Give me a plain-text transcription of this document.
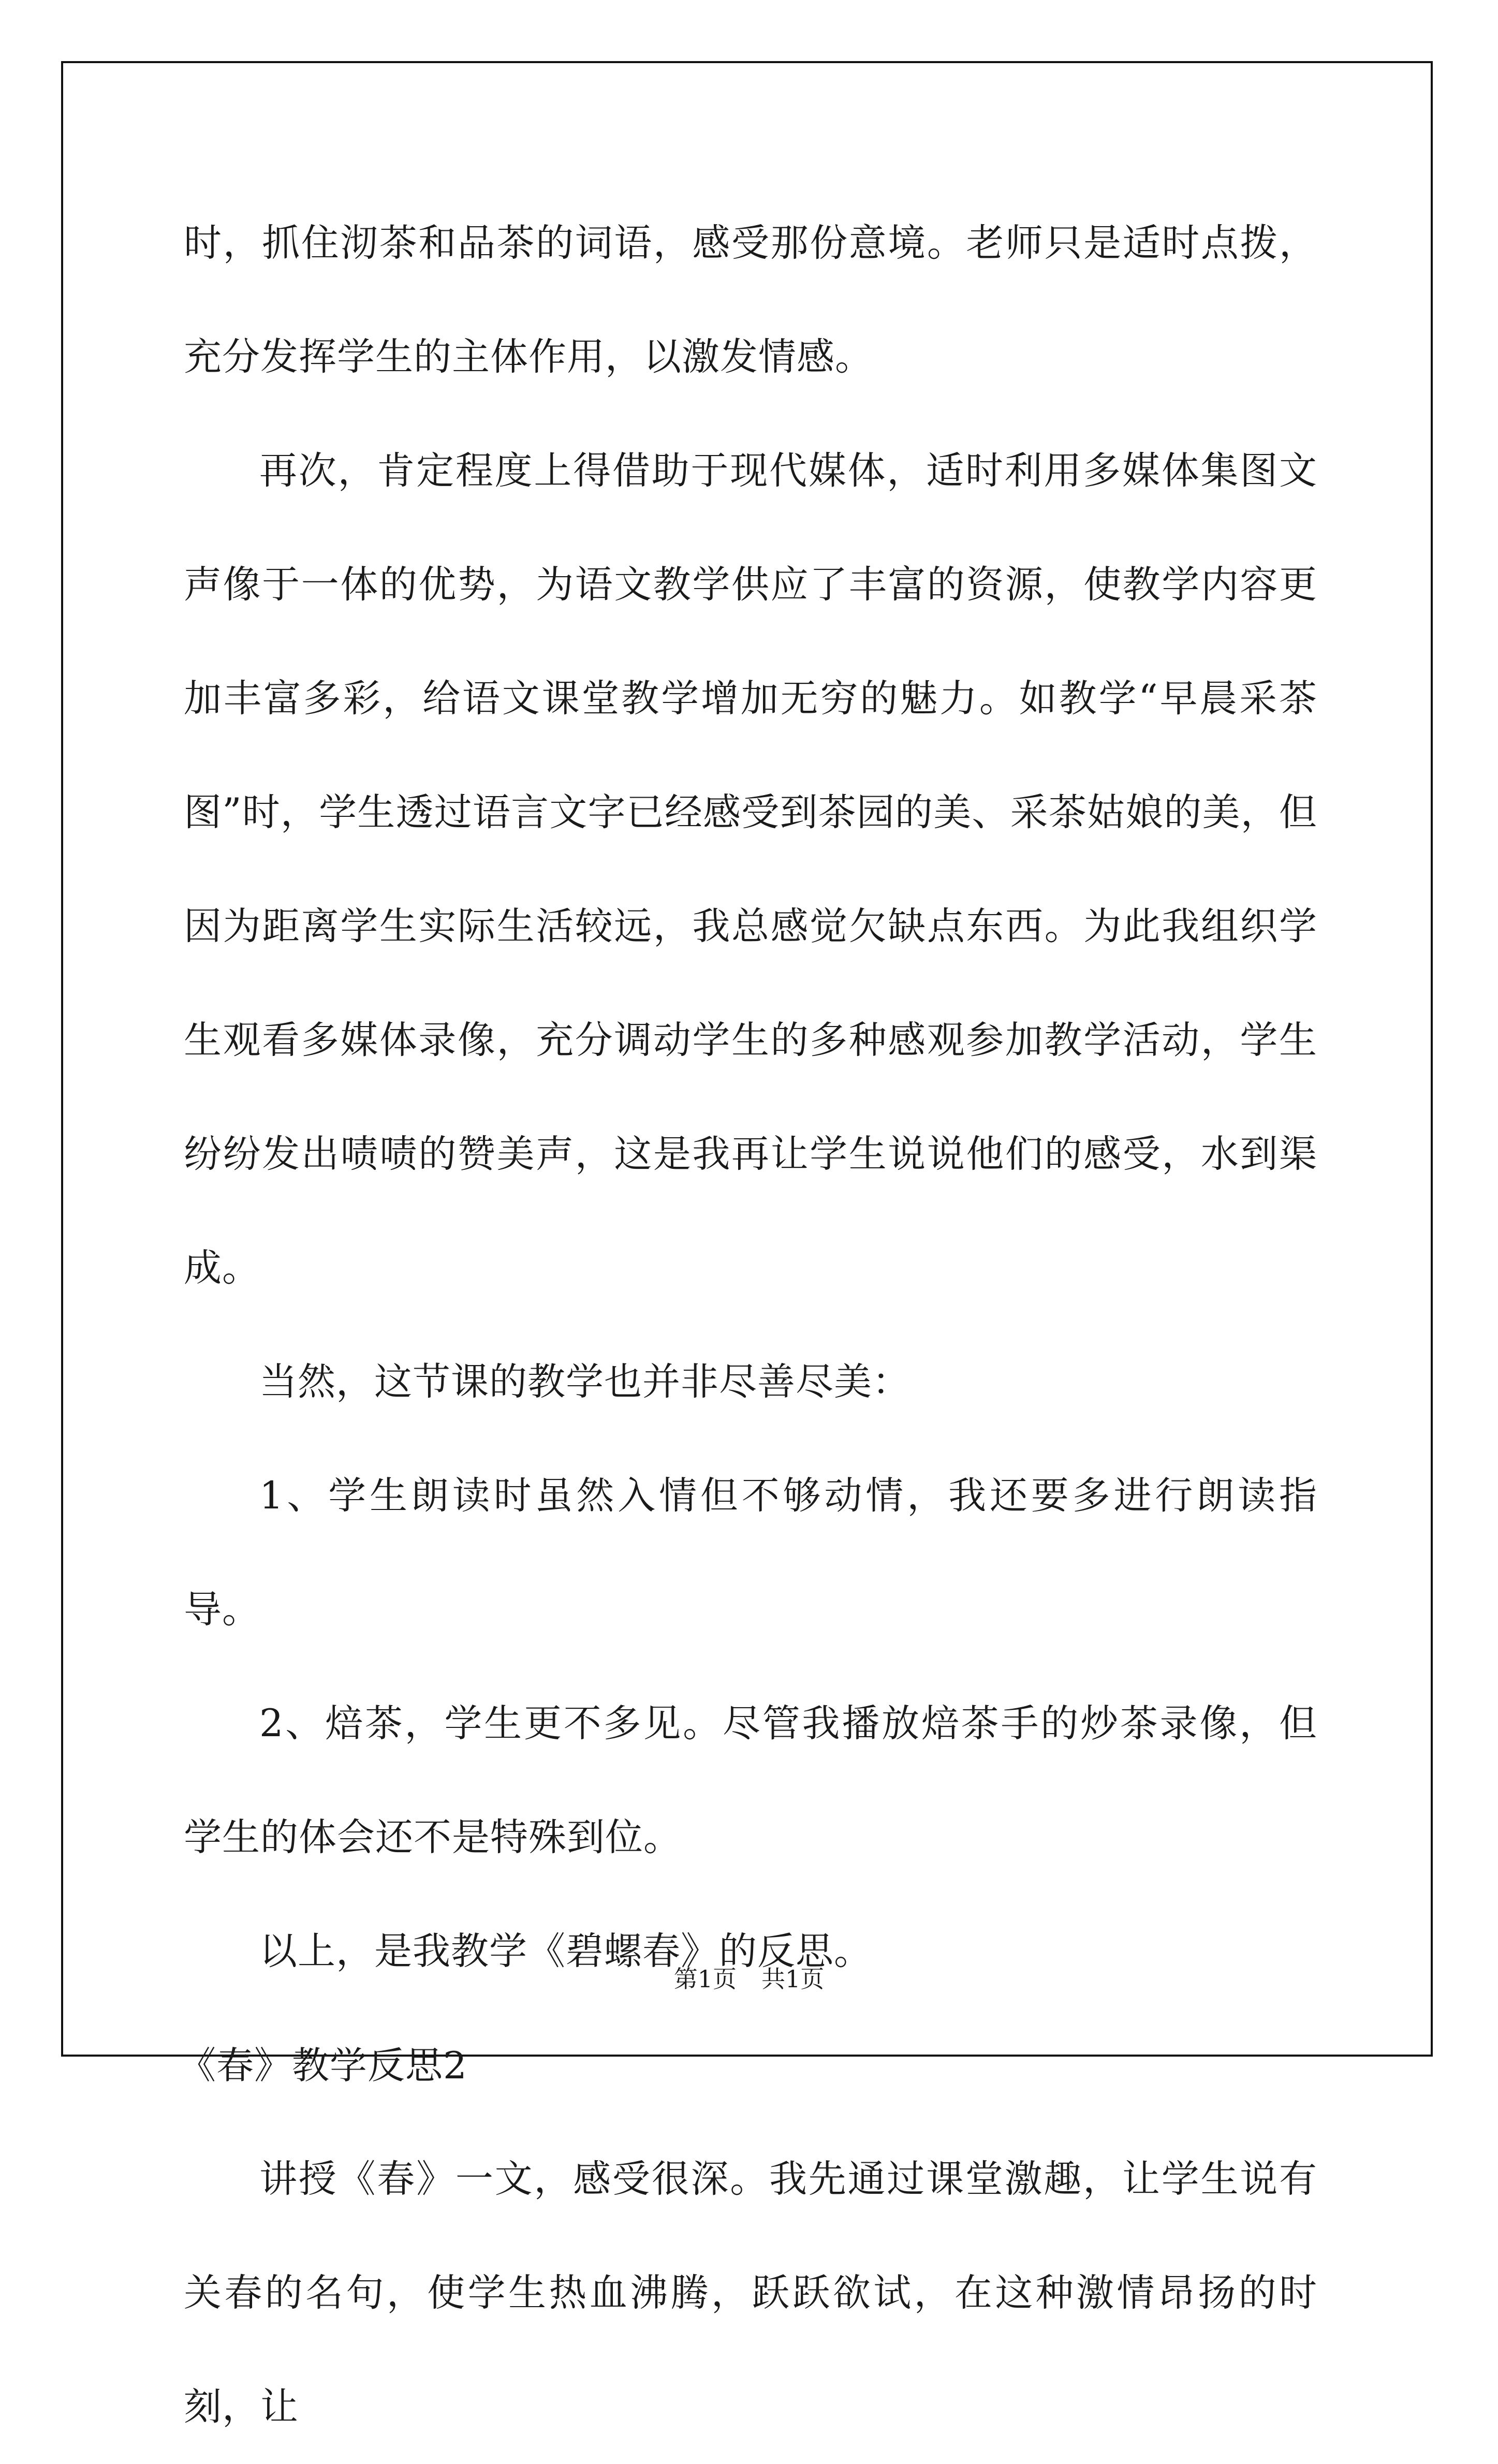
时，抓住沏茶和品茶的词语，感受那份意境。老师只是适时点拨，充分发挥学生的主体作用，以激发情感。

再次，肯定程度上得借助于现代媒体，适时利用多媒体集图文声像于一体的优势，为语文教学供应了丰富的资源，使教学内容更加丰富多彩，给语文课堂教学增加无穷的魅力。如教学“早晨采茶图”时，学生透过语言文字已经感受到茶园的美、采茶姑娘的美，但因为距离学生实际生活较远，我总感觉欠缺点东西。为此我组织学生观看多媒体录像，充分调动学生的多种感观参加教学活动，学生纷纷发出啧啧的赞美声，这是我再让学生说说他们的感受，水到渠成。

当然，这节课的教学也并非尽善尽美：

1、学生朗读时虽然入情但不够动情，我还要多进行朗读指导。

2、焙茶，学生更不多见。尽管我播放焙茶手的炒茶录像，但学生的体会还不是特殊到位。

以上，是我教学《碧螺春》的反思。

《春》教学反思2

讲授《春》一文，感受很深。我先通过课堂激趣，让学生说有关春的名句，使学生热血沸腾，跃跃欲试，在这种激情昂扬的时刻，让

第1页 共1页
